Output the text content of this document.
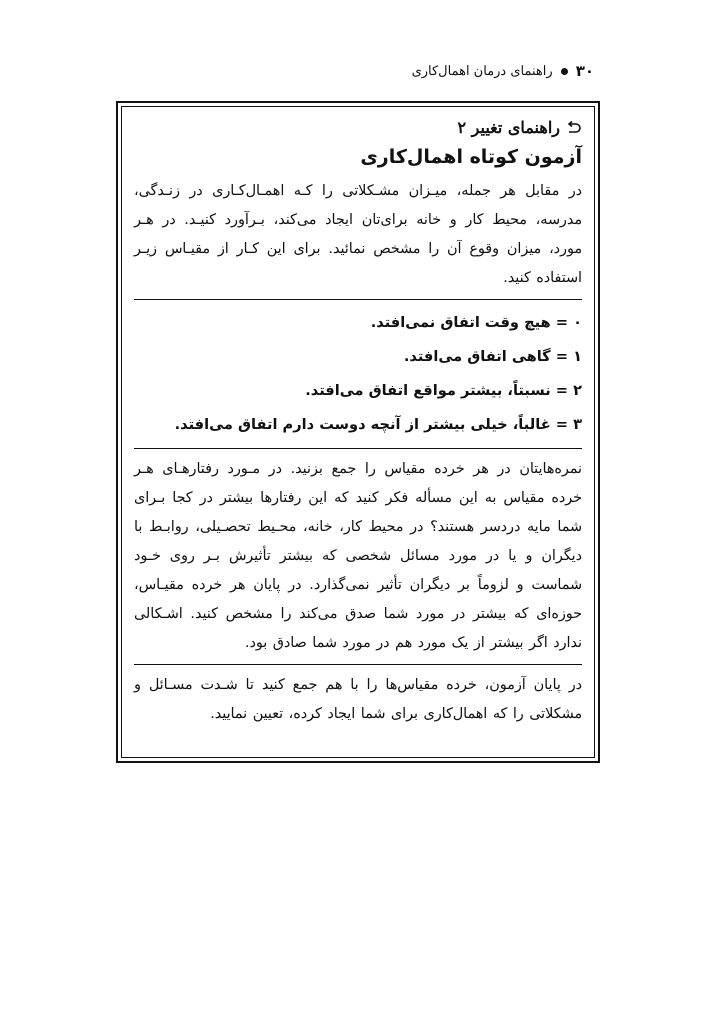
۳۰
راهنمای درمان اهمال‌کاری
راهنمای تغییر ۲
آزمون کوتاه اهمال‌کاری

در مقابل هر جمله، میـزان مشـکلاتی را کـه اهمـال‌کـاری در زنـدگی، مدرسه، محیط کار و خانه برای‌تان ایجاد می‌کند، بـرآورد کنیـد. در هـر مورد، میزان وقوع آن را مشخص نمائید. برای این کـار از مقیـاس زیـر استفاده کنید.

۰ = هیچ وقت اتفاق نمی‌افتد.
۱ = گاهی اتفاق می‌افتد.
۲ = نسبتاً، بیشتر مواقع اتفاق می‌افتد.
۳ = غالباً، خیلی بیشتر از آنچه دوست دارم اتفاق می‌افتد.

نمره‌هایتان در هر خرده مقیاس را جمع بزنید. در مـورد رفتارهـای هـر خرده مقیاس به این مسأله فکر کنید که این رفتارها بیشتر در کجا بـرای شما مایه دردسر هستند؟ در محیط کار، خانه، محـیط تحصـیلی، روابـط با دیگران و یا در مورد مسائل شخصی که بیشتر تأثیرش بـر روی خـود شماست و لزوماً بر دیگران تأثیر نمی‌گذارد. در پایان هر خرده مقیـاس، حوزه‌ای که بیشتر در مورد شما صدق می‌کند را مشخص کنید. اشـکالی ندارد اگر بیشتر از یک مورد هم در مورد شما صادق بود.

در پایان آزمون، خرده مقیاس‌ها را با هم جمع کنید تا شـدت مسـائل و مشکلاتی را که اهمال‌کاری برای شما ایجاد کرده، تعیین نمایید.
